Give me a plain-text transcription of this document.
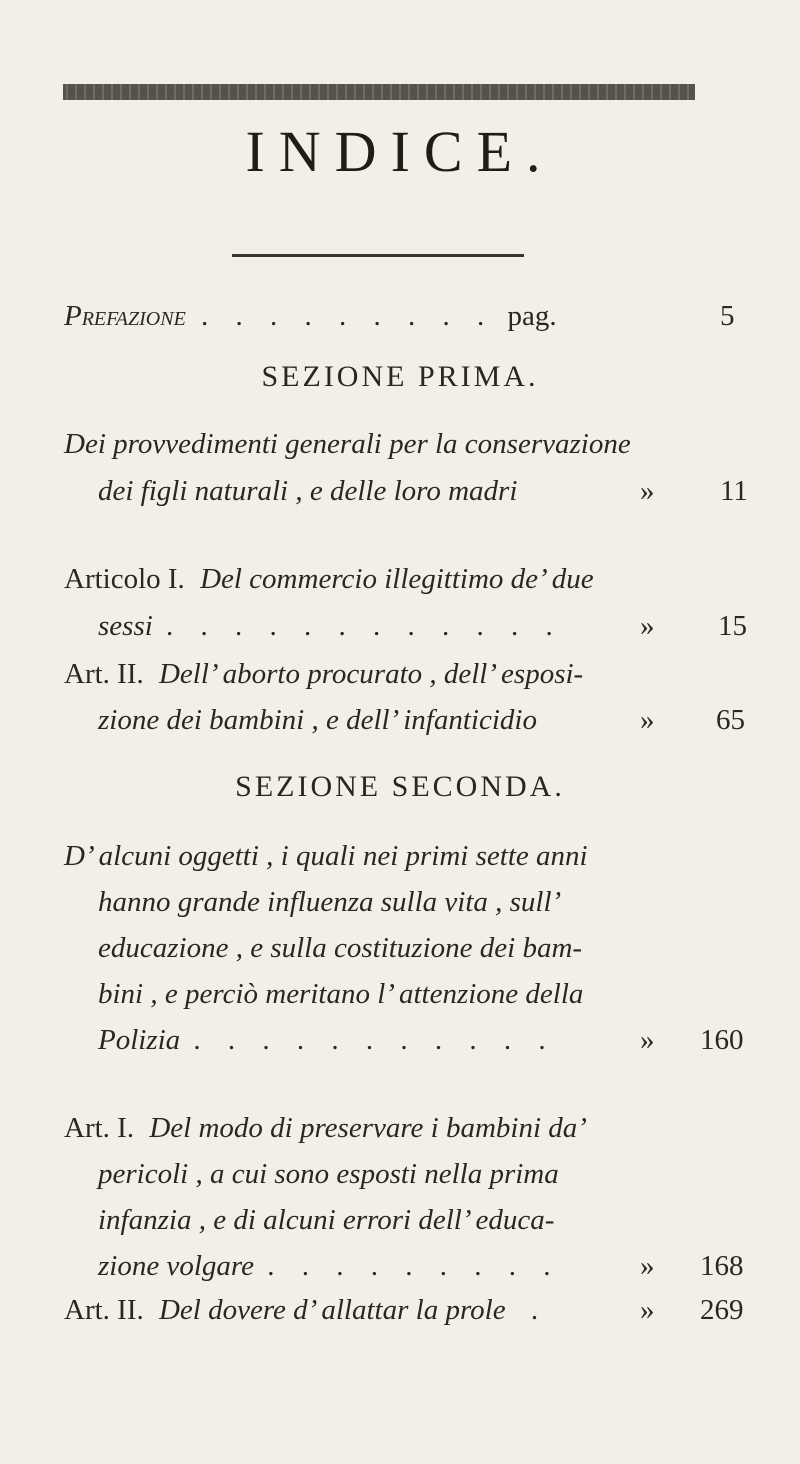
INDICE.
Prefazione . . . . . . . . . pag.	5
SEZIONE PRIMA.
Dei provvedimenti generali per la conservazione
dei figli naturali , e delle loro madri	» 11
Articolo I. Del commercio illegittimo de’ due
sessi . . . . . . . . . . . .	» 15
Art. II. Dell’ aborto procurato , dell’ esposi-
zione dei bambini , e dell’ infanticidio	» 65
SEZIONE SECONDA.
D’ alcuni oggetti , i quali nei primi sette anni
hanno grande influenza sulla vita , sull’
educazione , e sulla costituzione dei bam-
bini , e perciò meritano l’ attenzione della
Polizia . . . . . . . . . . .	» 160
Art. I. Del modo di preservare i bambini da’
pericoli , a cui sono esposti nella prima
infanzia , e di alcuni errori dell’ educa-
zione volgare . . . . . . . . .	» 168
Art. II. Del dovere d’ allattar la prole .	» 269
